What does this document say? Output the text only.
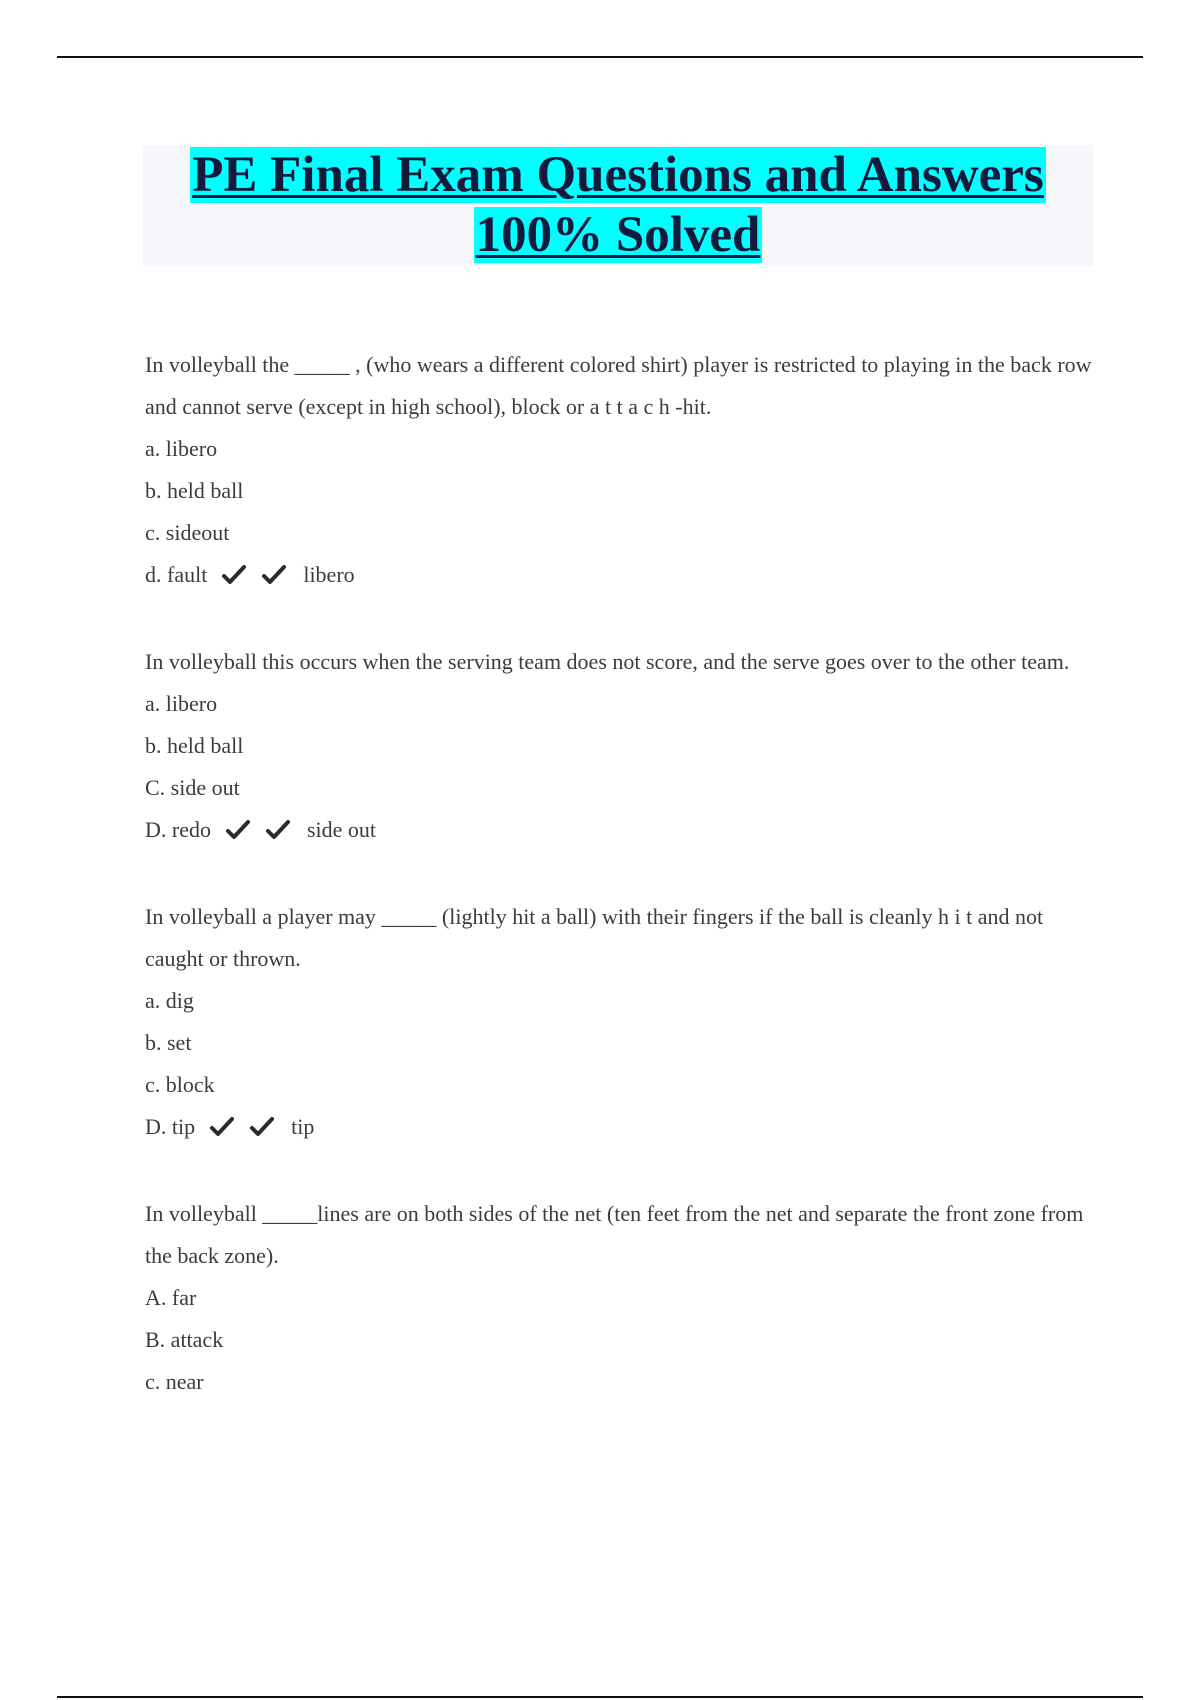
PE Final Exam Questions and Answers
100% Solved

In volleyball the _____ , (who wears a different colored shirt) player is restricted to playing in the back row and cannot serve (except in high school), block or a t t a c h -hit.

a. libero
b. held ball
c. sideout
d. fault	libero

In volleyball this occurs when the serving team does not score, and the serve goes over to the other team.

a. libero
b. held ball
C. side out
D. redo	side out

In volleyball a player may _____ (lightly hit a ball) with their fingers if the ball is cleanly h i t and not caught or thrown.

a. dig
b. set
c. block
D. tip	tip

In volleyball _____lines are on both sides of the net (ten feet from the net and separate the front zone from the back zone).

A. far
B. attack
c. near
